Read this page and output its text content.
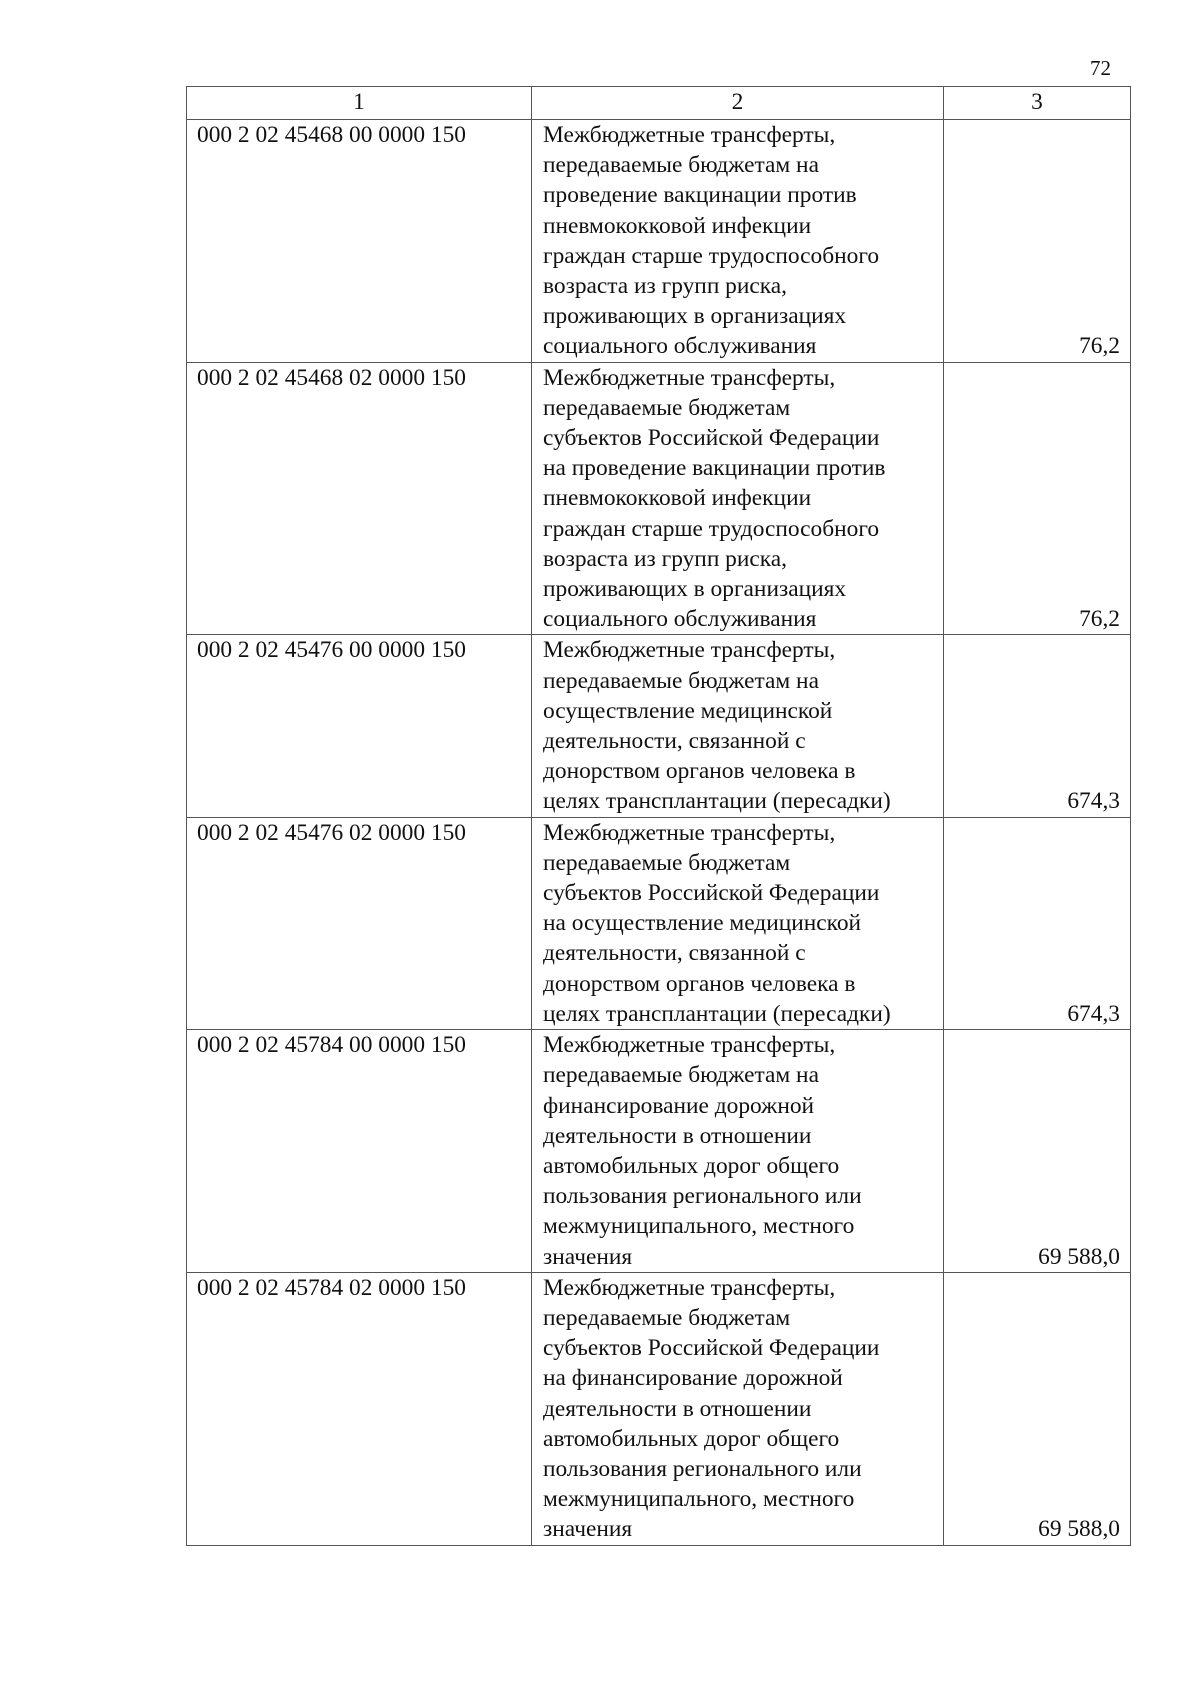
72
1	2	3
000 2 02 45468 00 0000 150	Межбюджетные трансферты,
передаваемые бюджетам на
проведение вакцинации против
пневмококковой инфекции
граждан старше трудоспособного
возраста из групп риска,
проживающих в организациях
социального обслуживания	76,2
000 2 02 45468 02 0000 150	Межбюджетные трансферты,
передаваемые бюджетам
субъектов Российской Федерации
на проведение вакцинации против
пневмококковой инфекции
граждан старше трудоспособного
возраста из групп риска,
проживающих в организациях
социального обслуживания	76,2
000 2 02 45476 00 0000 150	Межбюджетные трансферты,
передаваемые бюджетам на
осуществление медицинской
деятельности, связанной с
донорством органов человека в
целях трансплантации (пересадки)	674,3
000 2 02 45476 02 0000 150	Межбюджетные трансферты,
передаваемые бюджетам
субъектов Российской Федерации
на осуществление медицинской
деятельности, связанной с
донорством органов человека в
целях трансплантации (пересадки)	674,3
000 2 02 45784 00 0000 150	Межбюджетные трансферты,
передаваемые бюджетам на
финансирование дорожной
деятельности в отношении
автомобильных дорог общего
пользования регионального или
межмуниципального, местного
значения	69 588,0
000 2 02 45784 02 0000 150	Межбюджетные трансферты,
передаваемые бюджетам
субъектов Российской Федерации
на финансирование дорожной
деятельности в отношении
автомобильных дорог общего
пользования регионального или
межмуниципального, местного
значения	69 588,0
